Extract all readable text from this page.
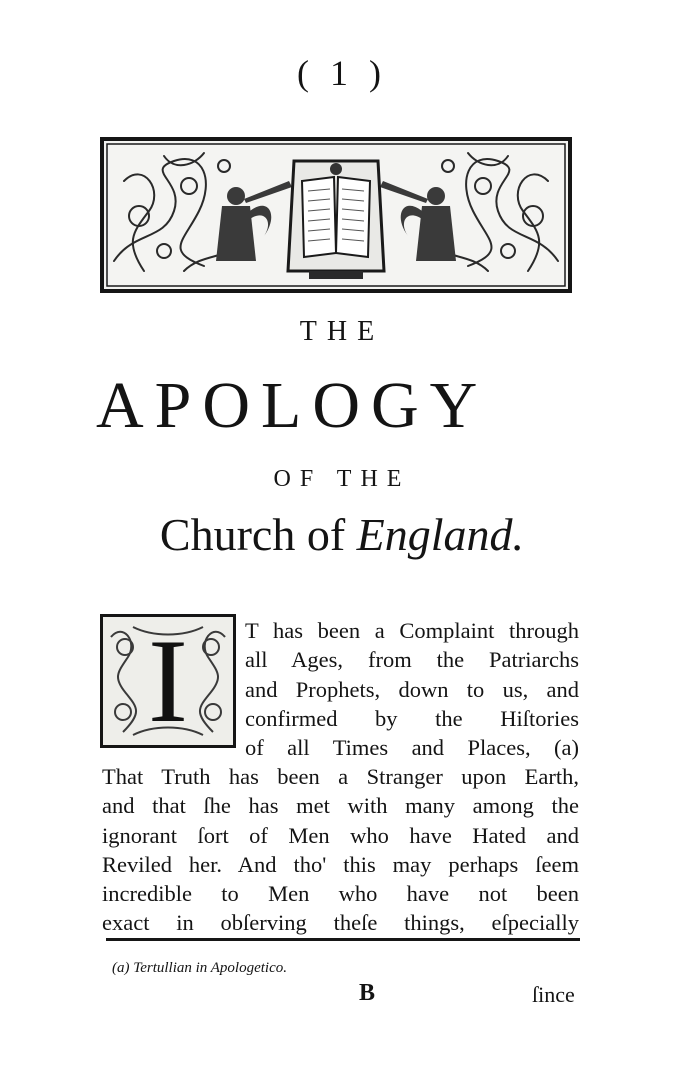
( 1 )
THE
APOLOGY
OF THE
Church of England.
I	T has been a Complaint through
all Ages, from the Patriarchs
and Prophets, down to us, and
confirmed by the Hiſtories
of all Times and Places, (a)
That Truth has been a Stranger upon Earth,
and that ſhe has met with many among the
ignorant ſort of Men who have Hated and
Reviled her. And tho' this may perhaps ſeem
incredible to Men who have not been
exact in obſerving theſe things, eſpecially
(a) Tertullian in Apologetico.
B	ſince
